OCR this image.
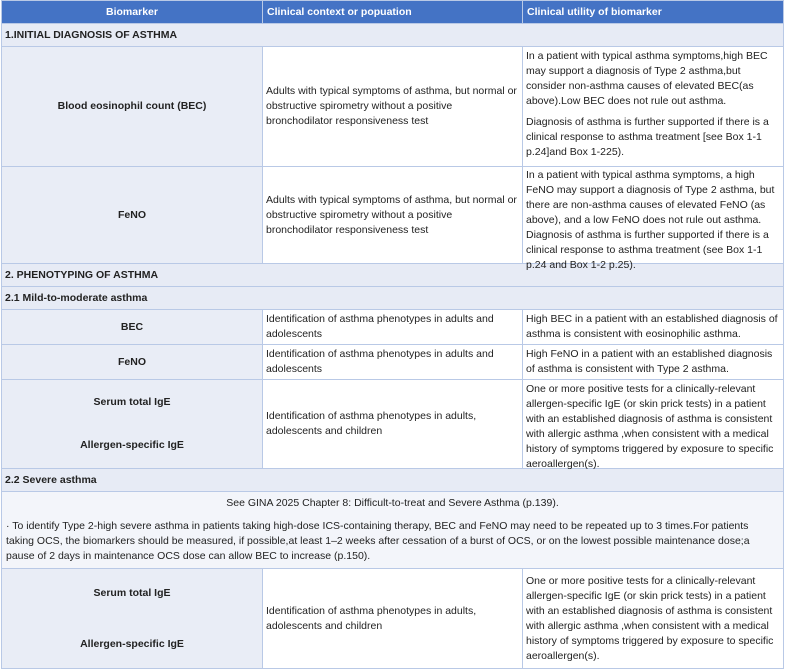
Biomarker	Clinical context or popuation	Clinical utility of biomarker
1.INITIAL DIAGNOSIS OF ASTHMA		
Blood eosinophil count (BEC)	Adults with typical symptoms of asthma, but normal or obstructive spirometry without a positive bronchodilator responsiveness test	In a patient with typical asthma symptoms,high BEC may support a diagnosis of Type 2 asthma,but consider non-asthma causes of elevated BEC(as above).Low BEC does not rule out asthma.

Diagnosis of asthma is further supported if there is a clinical response to asthma treatment [see Box 1-1 p.24]and Box 1-225).

FeNO	Adults with typical symptoms of asthma, but normal or obstructive spirometry without a positive bronchodilator responsiveness test	In a patient with typical asthma symptoms, a high FeNO may support a diagnosis of Type 2 asthma, but there are non-asthma causes of elevated FeNO (as above), and a low FeNO does not rule out asthma. Diagnosis of asthma is further supported if there is a clinical response to asthma treatment (see Box 1-1 p.24 and Box 1-2 p.25).

2. PHENOTYPING OF ASTHMA		
2.1 Mild-to-moderate asthma		
BEC	Identification of asthma phenotypes in adults and adolescents	High BEC in a patient with an established diagnosis of asthma is consistent with eosinophilic asthma.
FeNO	Identification of asthma phenotypes in adults and adolescents	High FeNO in a patient with an established diagnosis of asthma is consistent with Type 2 asthma.

Serum total IgE
Allergen-specific IgE	Identification of asthma phenotypes in adults, adolescents and children	One or more positive tests for a clinically-relevant allergen-specific IgE (or skin prick tests) in a patient with an established diagnosis of asthma is consistent with allergic asthma ,when consistent with a medical history of symptoms triggered by exposure to specific aeroallergen(s).

2.2 Severe asthma		

See GINA 2025 Chapter 8: Difficult-to-treat and Severe Asthma (p.139).
· To identify Type 2-high severe asthma in patients taking high-dose ICS-containing therapy, BEC and FeNO may need to be repeated up to 3 times.For patients taking OCS, the biomarkers should be measured, if possible,at least 1–2 weeks after cessation of a burst of OCS, or on the lowest possible maintenance dose;a pause of 2 days in maintenance OCS dose can allow BEC to increase (p.150).		

Serum total IgE
Allergen-specific IgE	Identification of asthma phenotypes in adults, adolescents and children	One or more positive tests for a clinically-relevant allergen-specific IgE (or skin prick tests) in a patient with an established diagnosis of asthma is consistent with allergic asthma ,when consistent with a medical history of symptoms triggered by exposure to specific aeroallergen(s).
